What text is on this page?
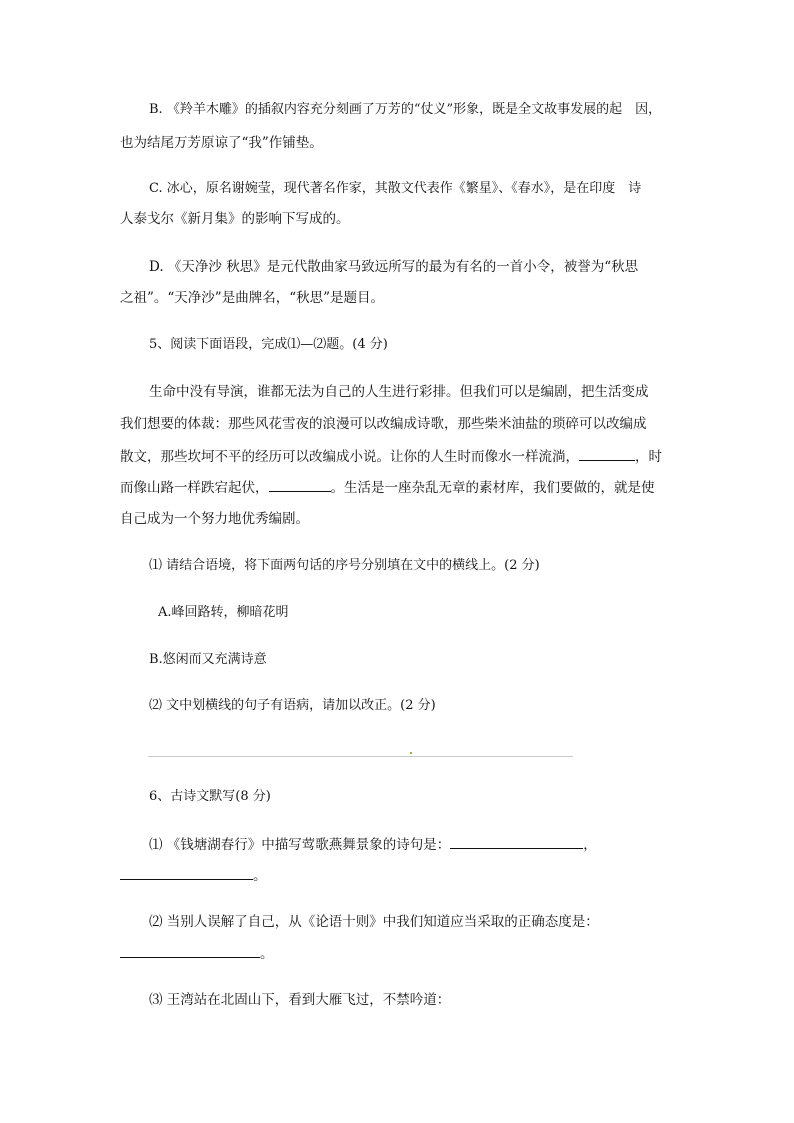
B. 《羚羊木雕》的插叙内容充分刻画了万芳的“仗义”形象，既是全文故事发展的起　因，
也为结尾万芳原谅了“我”作铺垫。
C. 冰心，原名谢婉莹，现代著名作家，其散文代表作《繁星》、《春水》，是在印度　诗
人泰戈尔《新月集》的影响下写成的。
D. 《天净沙 秋思》是元代散曲家马致远所写的最为有名的一首小令，被誉为“秋思
之祖”。“天净沙”是曲牌名，“秋思”是题目。
5、阅读下面语段，完成⑴—⑵题。(4 分)
生命中没有导演，谁都无法为自己的人生进行彩排。但我们可以是编剧，把生活变成
我们想要的体裁：那些风花雪夜的浪漫可以改编成诗歌，那些柴米油盐的琐碎可以改编成
散文，那些坎坷不平的经历可以改编成小说。让你的人生时而像水一样流淌，	，时
而像山路一样跌宕起伏，	。生活是一座杂乱无章的素材库，我们要做的，就是使
自己成为一个努力地优秀编剧。
⑴ 请结合语境，将下面两句话的序号分别填在文中的横线上。(2 分)
A.峰回路转，柳暗花明
B.悠闲而又充满诗意
⑵ 文中划横线的句子有语病，请加以改正。(2 分)
6、古诗文默写(8 分)
⑴ 《钱塘湖春行》中描写莺歌燕舞景象的诗句是：	，
。
⑵ 当别人误解了自己，从《论语十则》中我们知道应当采取的正确态度是：
。
⑶ 王湾站在北固山下，看到大雁飞过，不禁吟道：
